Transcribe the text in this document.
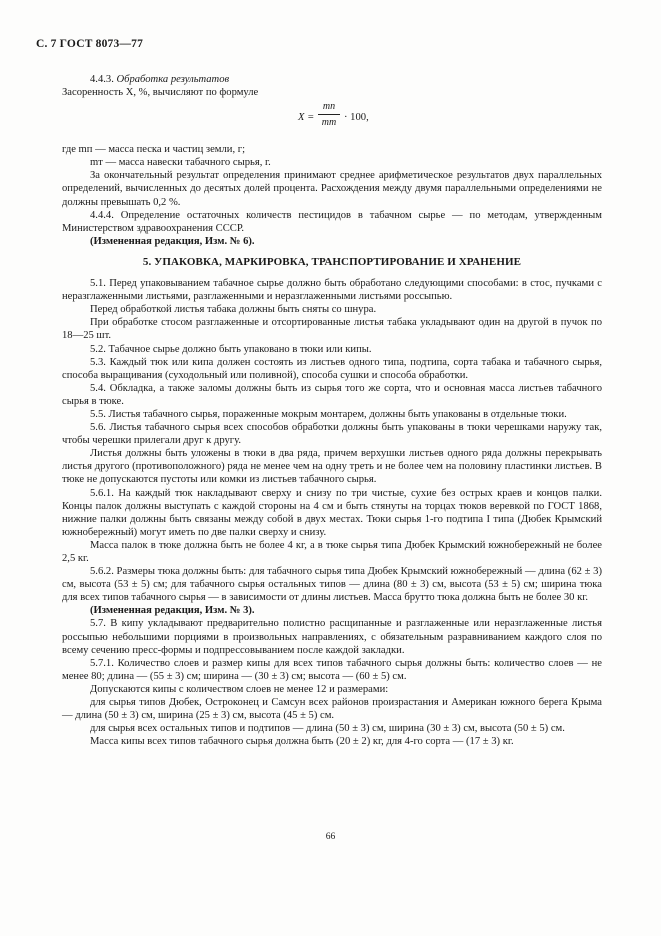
С. 7 ГОСТ 8073—77

4.4.3. Обработка результатов

Засоренность X, %, вычисляют по формуле

X =
mп
mт · 100,

где mп — масса песка и частиц земли, г;

mт — масса навески табачного сырья, г.

За окончательный результат определения принимают среднее арифметическое результатов двух параллельных определений, вычисленных до десятых долей процента. Расхождения между двумя параллельными определениями не должны превышать 0,2 %.

4.4.4. Определение остаточных количеств пестицидов в табачном сырье — по методам, утвержденным Министерством здравоохранения СССР.

(Измененная редакция, Изм. № 6).

5. УПАКОВКА, МАРКИРОВКА, ТРАНСПОРТИРОВАНИЕ И ХРАНЕНИЕ

5.1. Перед упаковыванием табачное сырье должно быть обработано следующими способами: в стос, пучками с неразглаженными листьями, разглаженными и неразглаженными листьями россыпью.

Перед обработкой листья табака должны быть сняты со шнура.

При обработке стосом разглаженные и отсортированные листья табака укладывают один на другой в пучок по 18—25 шт.

5.2. Табачное сырье должно быть упаковано в тюки или кипы.

5.3. Каждый тюк или кипа должен состоять из листьев одного типа, подтипа, сорта табака и табачного сырья, способа выращивания (суходольный или поливной), способа сушки и способа обработки.

5.4. Обкладка, а также заломы должны быть из сырья того же сорта, что и основная масса листьев табачного сырья в тюке.

5.5. Листья табачного сырья, пораженные мокрым монтарем, должны быть упакованы в отдельные тюки.

5.6. Листья табачного сырья всех способов обработки должны быть упакованы в тюки черешками наружу так, чтобы черешки прилегали друг к другу.

Листья должны быть уложены в тюки в два ряда, причем верхушки листьев одного ряда должны перекрывать листья другого (противоположного) ряда не менее чем на одну треть и не более чем на половину пластинки листьев. В тюке не допускаются пустоты или комки из листьев табачного сырья.

5.6.1. На каждый тюк накладывают сверху и снизу по три чистые, сухие без острых краев и концов палки. Концы палок должны выступать с каждой стороны на 4 см и быть стянуты на торцах тюков веревкой по ГОСТ 1868, нижние палки должны быть связаны между собой в двух местах. Тюки сырья 1-го подтипа I типа (Дюбек Крымский южнобережный) могут иметь по две палки сверху и снизу.

Масса палок в тюке должна быть не более 4 кг, а в тюке сырья типа Дюбек Крымский южнобережный не более 2,5 кг.

5.6.2. Размеры тюка должны быть: для табачного сырья типа Дюбек Крымский южнобережный — длина (62 ± 3) см, высота (53 ± 5) см; для табачного сырья остальных типов — длина (80 ± 3) см, высота (53 ± 5) см; ширина тюка для всех типов табачного сырья — в зависимости от длины листьев. Масса брутто тюка должна быть не более 30 кг.

(Измененная редакция, Изм. № 3).

5.7. В кипу укладывают предварительно полистно расщипанные и разглаженные или неразглаженные листья россыпью небольшими порциями в произвольных направлениях, с обязательным разравниванием каждого слоя по всему сечению пресс-формы и подпрессовыванием после каждой закладки.

5.7.1. Количество слоев и размер кипы для всех типов табачного сырья должны быть: количество слоев — не менее 80; длина — (55 ± 3) см; ширина — (30 ± 3) см; высота — (60 ± 5) см.

Допускаются кипы с количеством слоев не менее 12 и размерами:

для сырья типов Дюбек, Остроконец и Самсун всех районов произрастания и Американ южного берега Крыма — длина (50 ± 3) см, ширина (25 ± 3) см, высота (45 ± 5) см.

для сырья всех остальных типов и подтипов — длина (50 ± 3) см, ширина (30 ± 3) см, высота (50 ± 5) см.

Масса кипы всех типов табачного сырья должна быть (20 ± 2) кг, для 4-го сорта — (17 ± 3) кг.

66
